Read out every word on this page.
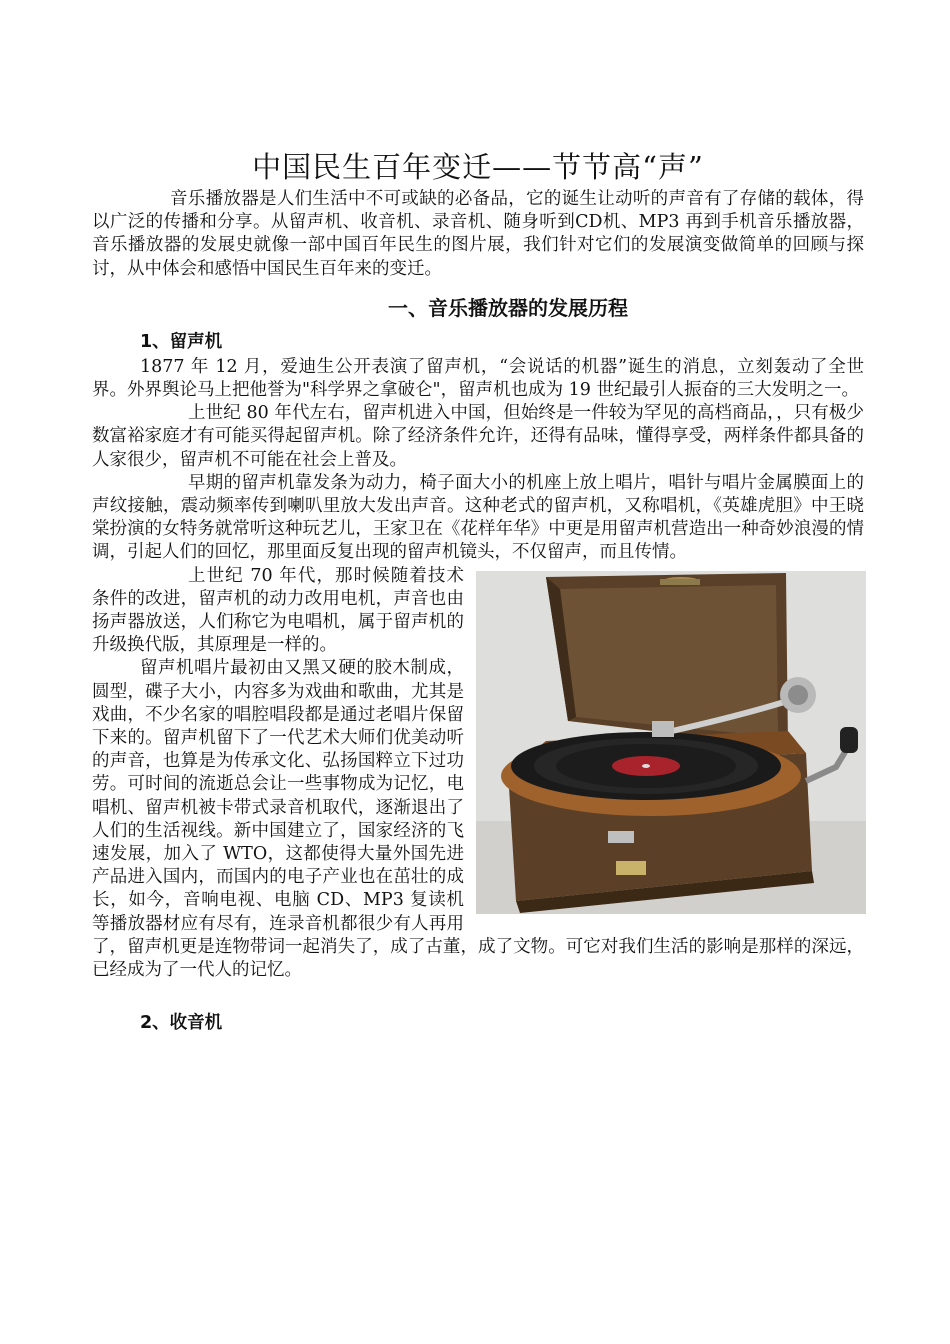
中国民生百年变迁——节节高“声”

音乐播放器是人们生活中不可或缺的必备品，它的诞生让动听的声音有了存储的载体，得以广泛的传播和分享。从留声机、收音机、录音机、随身听到CD机、MP3 再到手机音乐播放器，音乐播放器的发展史就像一部中国百年民生的图片展，我们针对它们的发展演变做简单的回顾与探讨，从中体会和感悟中国民生百年来的变迁。

一、音乐播放器的发展历程
1、留声机

1877 年 12 月，爱迪生公开表演了留声机，“会说话的机器”诞生的消息，立刻轰动了全世界。外界舆论马上把他誉为"科学界之拿破仑"，留声机也成为 19 世纪最引人振奋的三大发明之一。

上世纪 80 年代左右，留声机进入中国，但始终是一件较为罕见的高档商品，，只有极少数富裕家庭才有可能买得起留声机。除了经济条件允许，还得有品味，懂得享受，两样条件都具备的人家很少，留声机不可能在社会上普及。

早期的留声机靠发条为动力，椅子面大小的机座上放上唱片，唱针与唱片金属膜面上的声纹接触，震动频率传到喇叭里放大发出声音。这种老式的留声机，又称唱机，《英雄虎胆》中王晓棠扮演的女特务就常听这种玩艺儿，王家卫在《花样年华》中更是用留声机营造出一种奇妙浪漫的情调，引起人们的回忆，那里面反复出现的留声机镜头，不仅留声，而且传情。

上世纪 70 年代，那时候随着技术条件的改进，留声机的动力改用电机，声音也由扬声器放送，人们称它为电唱机，属于留声机的升级换代版，其原理是一样的。

留声机唱片最初由又黑又硬的胶木制成，圆型，碟子大小，内容多为戏曲和歌曲，尤其是戏曲，不少名家的唱腔唱段都是通过老唱片保留下来的。留声机留下了一代艺术大师们优美动听的声音，也算是为传承文化、弘扬国粹立下过功劳。可时间的流逝总会让一些事物成为记忆，电唱机、留声机被卡带式录音机取代，逐渐退出了人们的生活视线。新中国建立了，国家经济的飞速发展，加入了 WTO，这都使得大量外国先进产品进入国内，而国内的电子产业也在茁壮的成长，如今，音响电视、电脑 CD、MP3 复读机等播放器材应有尽有，连录音机都很少有人再用了，留声机更是连物带词一起消失了，成了古董，成了文物。可它对我们生活的影响是那样的深远，已经成为了一代人的记忆。

2、收音机
